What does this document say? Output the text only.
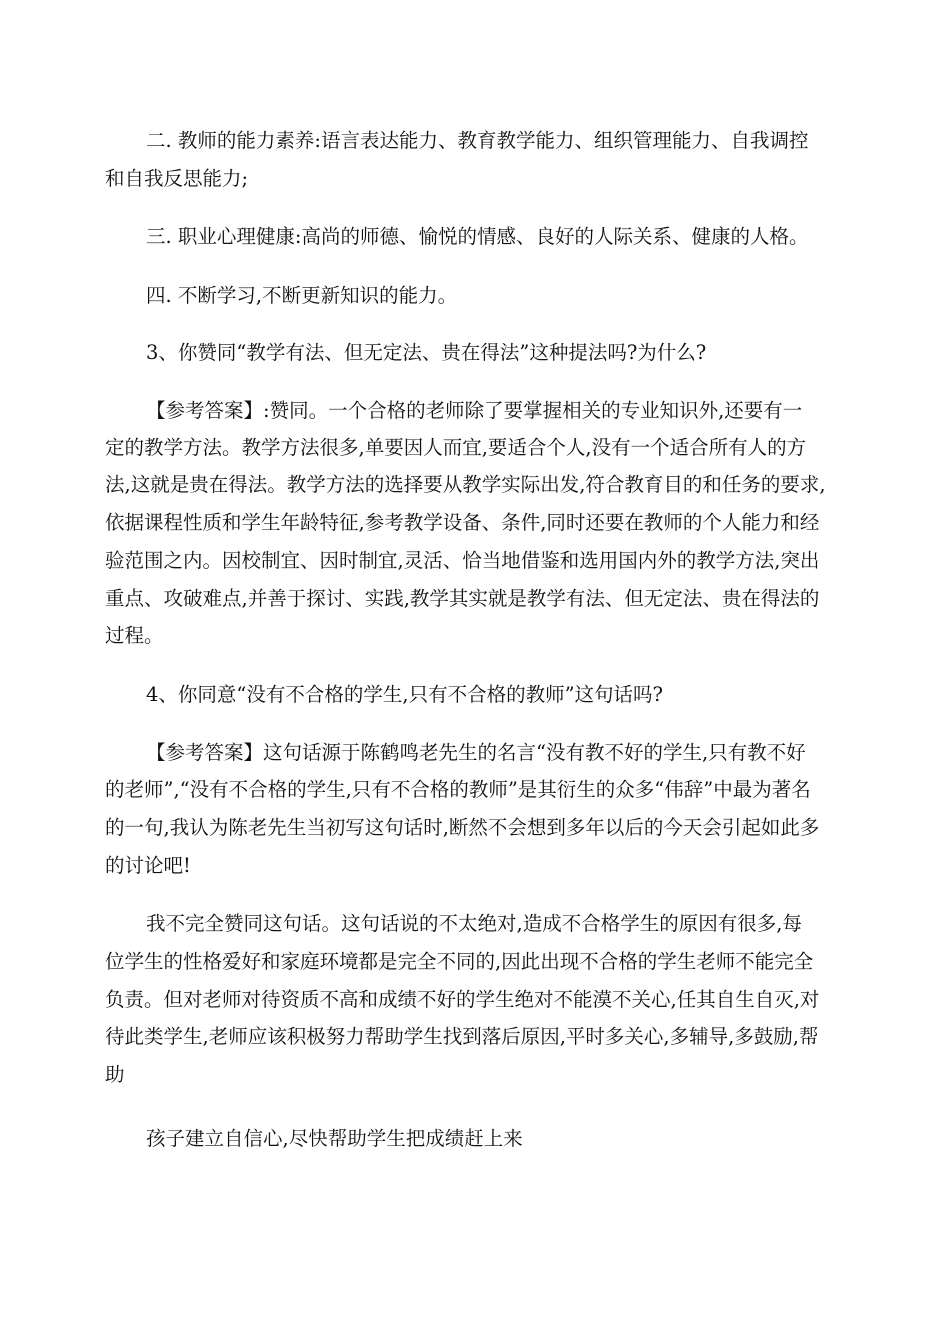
二. 教师的能力素养:语言表达能力、教育教学能力、组织管理能力、自我调控
和自我反思能力;
三. 职业心理健康:高尚的师德、愉悦的情感、良好的人际关系、健康的人格。
四. 不断学习,不断更新知识的能力。
3、你赞同“教学有法、但无定法、贵在得法”这种提法吗?为什么?
【参考答案】:赞同。一个合格的老师除了要掌握相关的专业知识外,还要有一
定的教学方法。教学方法很多,单要因人而宜,要适合个人,没有一个适合所有人的方
法,这就是贵在得法。教学方法的选择要从教学实际出发,符合教育目的和任务的要求,
依据课程性质和学生年龄特征,参考教学设备、条件,同时还要在教师的个人能力和经
验范围之内。因校制宜、因时制宜,灵活、恰当地借鉴和选用国内外的教学方法,突出
重点、攻破难点,并善于探讨、实践,教学其实就是教学有法、但无定法、贵在得法的
过程。
4、你同意“没有不合格的学生,只有不合格的教师”这句话吗?
【参考答案】这句话源于陈鹤鸣老先生的名言“没有教不好的学生,只有教不好
的老师”,“没有不合格的学生,只有不合格的教师”是其衍生的众多“伟辞”中最为著名
的一句,我认为陈老先生当初写这句话时,断然不会想到多年以后的今天会引起如此多
的讨论吧!
我不完全赞同这句话。这句话说的不太绝对,造成不合格学生的原因有很多,每
位学生的性格爱好和家庭环境都是完全不同的,因此出现不合格的学生老师不能完全
负责。但对老师对待资质不高和成绩不好的学生绝对不能漠不关心,任其自生自灭,对
待此类学生,老师应该积极努力帮助学生找到落后原因,平时多关心,多辅导,多鼓励,帮
助
孩子建立自信心,尽快帮助学生把成绩赶上来
